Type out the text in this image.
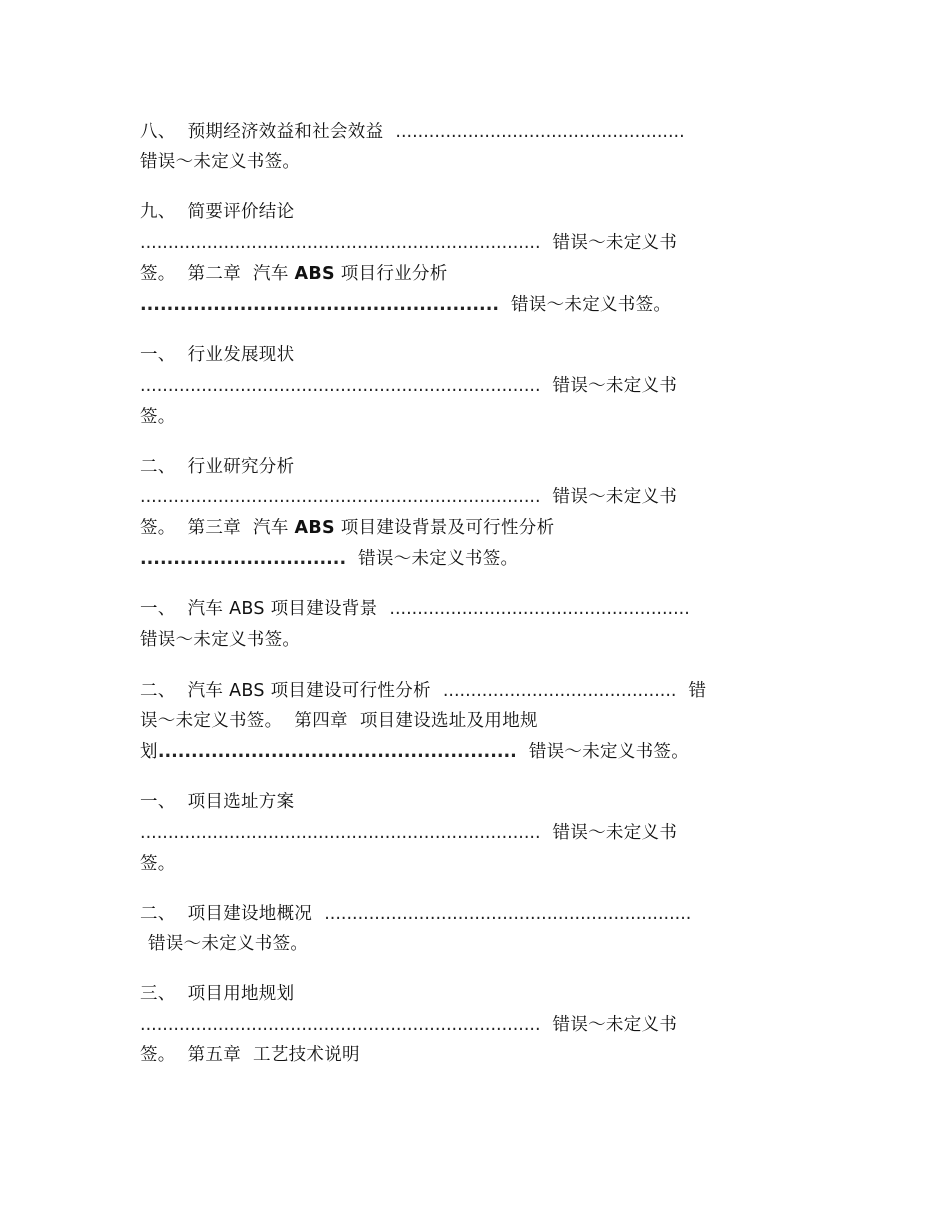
八、 预期经济效益和社会效益 ....................................................
错误～未定义书签。
九、 简要评价结论
........................................................................ 错误～未定义书
签。 第二章 汽车 ABS 项目行业分析
...................................................... 错误～未定义书签。
一、 行业发展现状
........................................................................ 错误～未定义书
签。
二、 行业研究分析
........................................................................ 错误～未定义书
签。 第三章 汽车 ABS 项目建设背景及可行性分析
............................... 错误～未定义书签。
一、 汽车 ABS 项目建设背景 ......................................................
错误～未定义书签。
二、 汽车 ABS 项目建设可行性分析 .......................................... 错
误～未定义书签。 第四章 项目建设选址及用地规
划...................................................... 错误～未定义书签。
一、 项目选址方案
........................................................................ 错误～未定义书
签。
二、 项目建设地概况 ..................................................................
错误～未定义书签。
三、 项目用地规划
........................................................................ 错误～未定义书
签。 第五章 工艺技术说明
